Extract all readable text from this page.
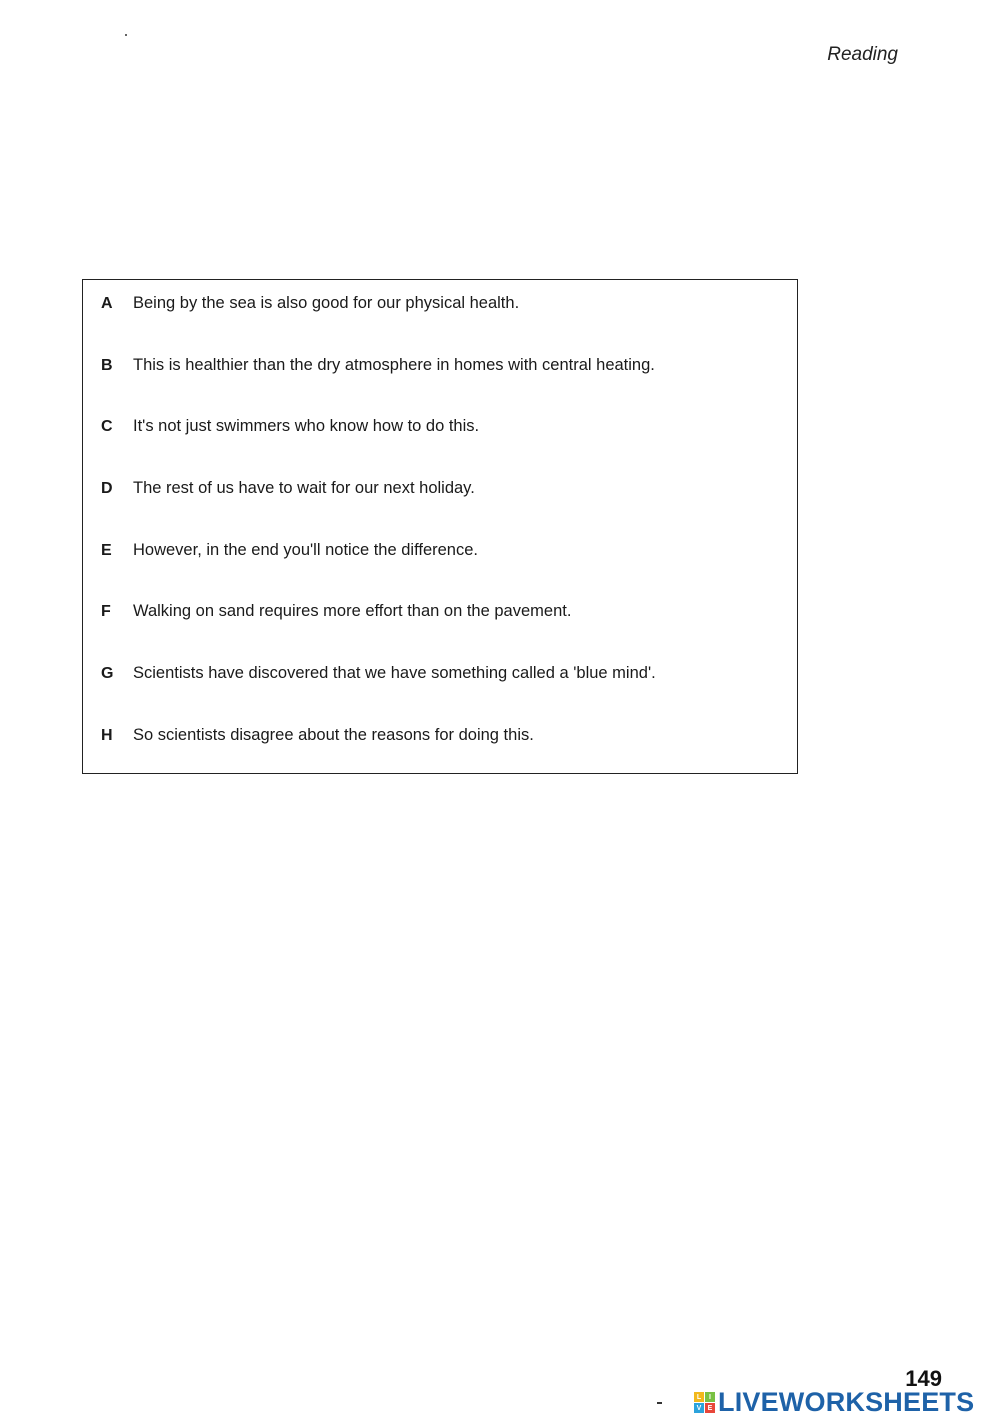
Reading
A	Being by the sea is also good for our physical health.
B	This is healthier than the dry atmosphere in homes with central heating.
C	It's not just swimmers who know how to do this.
D	The rest of us have to wait for our next holiday.
E	However, in the end you'll notice the difference.
F	Walking on sand requires more effort than on the pavement.
G	Scientists have discovered that we have something called a 'blue mind'.
H	So scientists disagree about the reasons for doing this.
149
L	I
V E LIVEWORKSHEETS
